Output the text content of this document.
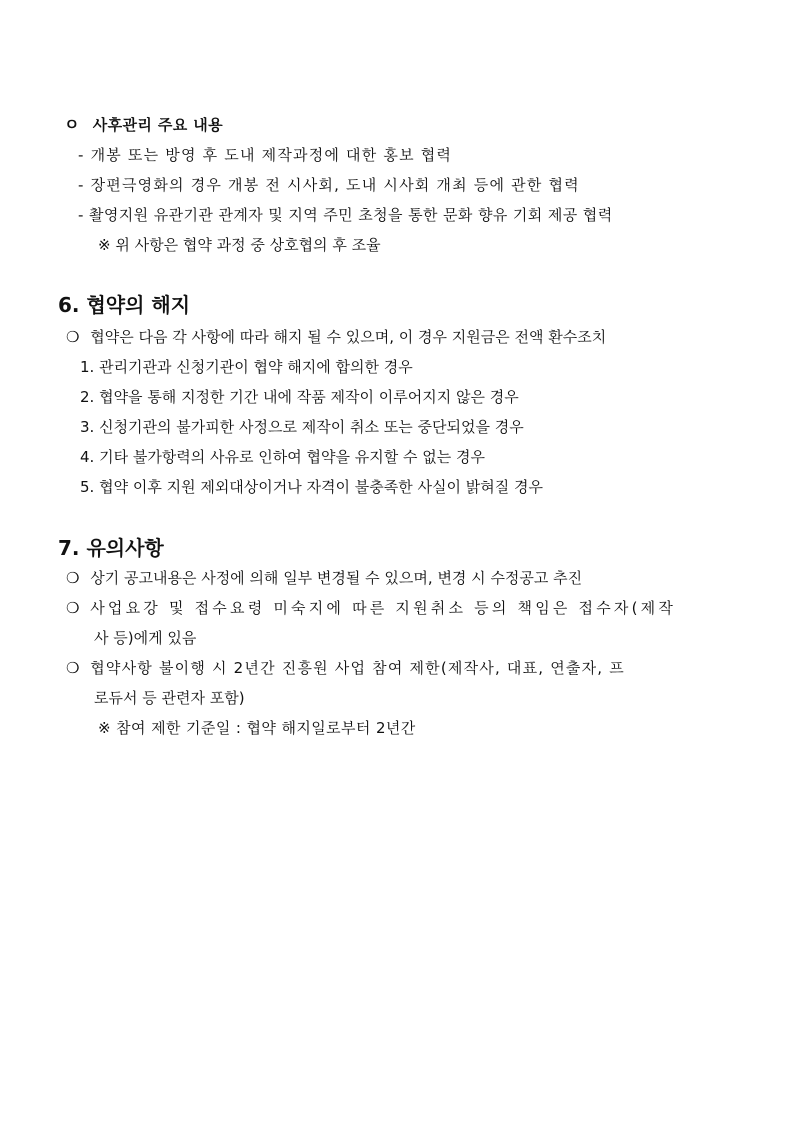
ㅇ 사후관리 주요 내용
- 개봉 또는 방영 후 도내 제작과정에 대한 홍보 협력
- 장편극영화의 경우 개봉 전 시사회, 도내 시사회 개최 등에 관한 협력
- 촬영지원 유관기관 관계자 및 지역 주민 초청을 통한 문화 향유 기회 제공 협력
※ 위 사항은 협약 과정 중 상호협의 후 조율
6. 협약의 해지
❍ 협약은 다음 각 사항에 따라 해지 될 수 있으며, 이 경우 지원금은 전액 환수조치
1. 관리기관과 신청기관이 협약 해지에 합의한 경우
2. 협약을 통해 지정한 기간 내에 작품 제작이 이루어지지 않은 경우
3. 신청기관의 불가피한 사정으로 제작이 취소 또는 중단되었을 경우
4. 기타 불가항력의 사유로 인하여 협약을 유지할 수 없는 경우
5. 협약 이후 지원 제외대상이거나 자격이 불충족한 사실이 밝혀질 경우
7. 유의사항
❍ 상기 공고내용은 사정에 의해 일부 변경될 수 있으며, 변경 시 수정공고 추진
❍ 사업요강 및 접수요령 미숙지에 따른 지원취소 등의 책임은 접수자(제작
사 등)에게 있음
❍ 협약사항 불이행 시 2년간 진흥원 사업 참여 제한(제작사, 대표, 연출자, 프
로듀서 등 관련자 포함)
※ 참여 제한 기준일 : 협약 해지일로부터 2년간
